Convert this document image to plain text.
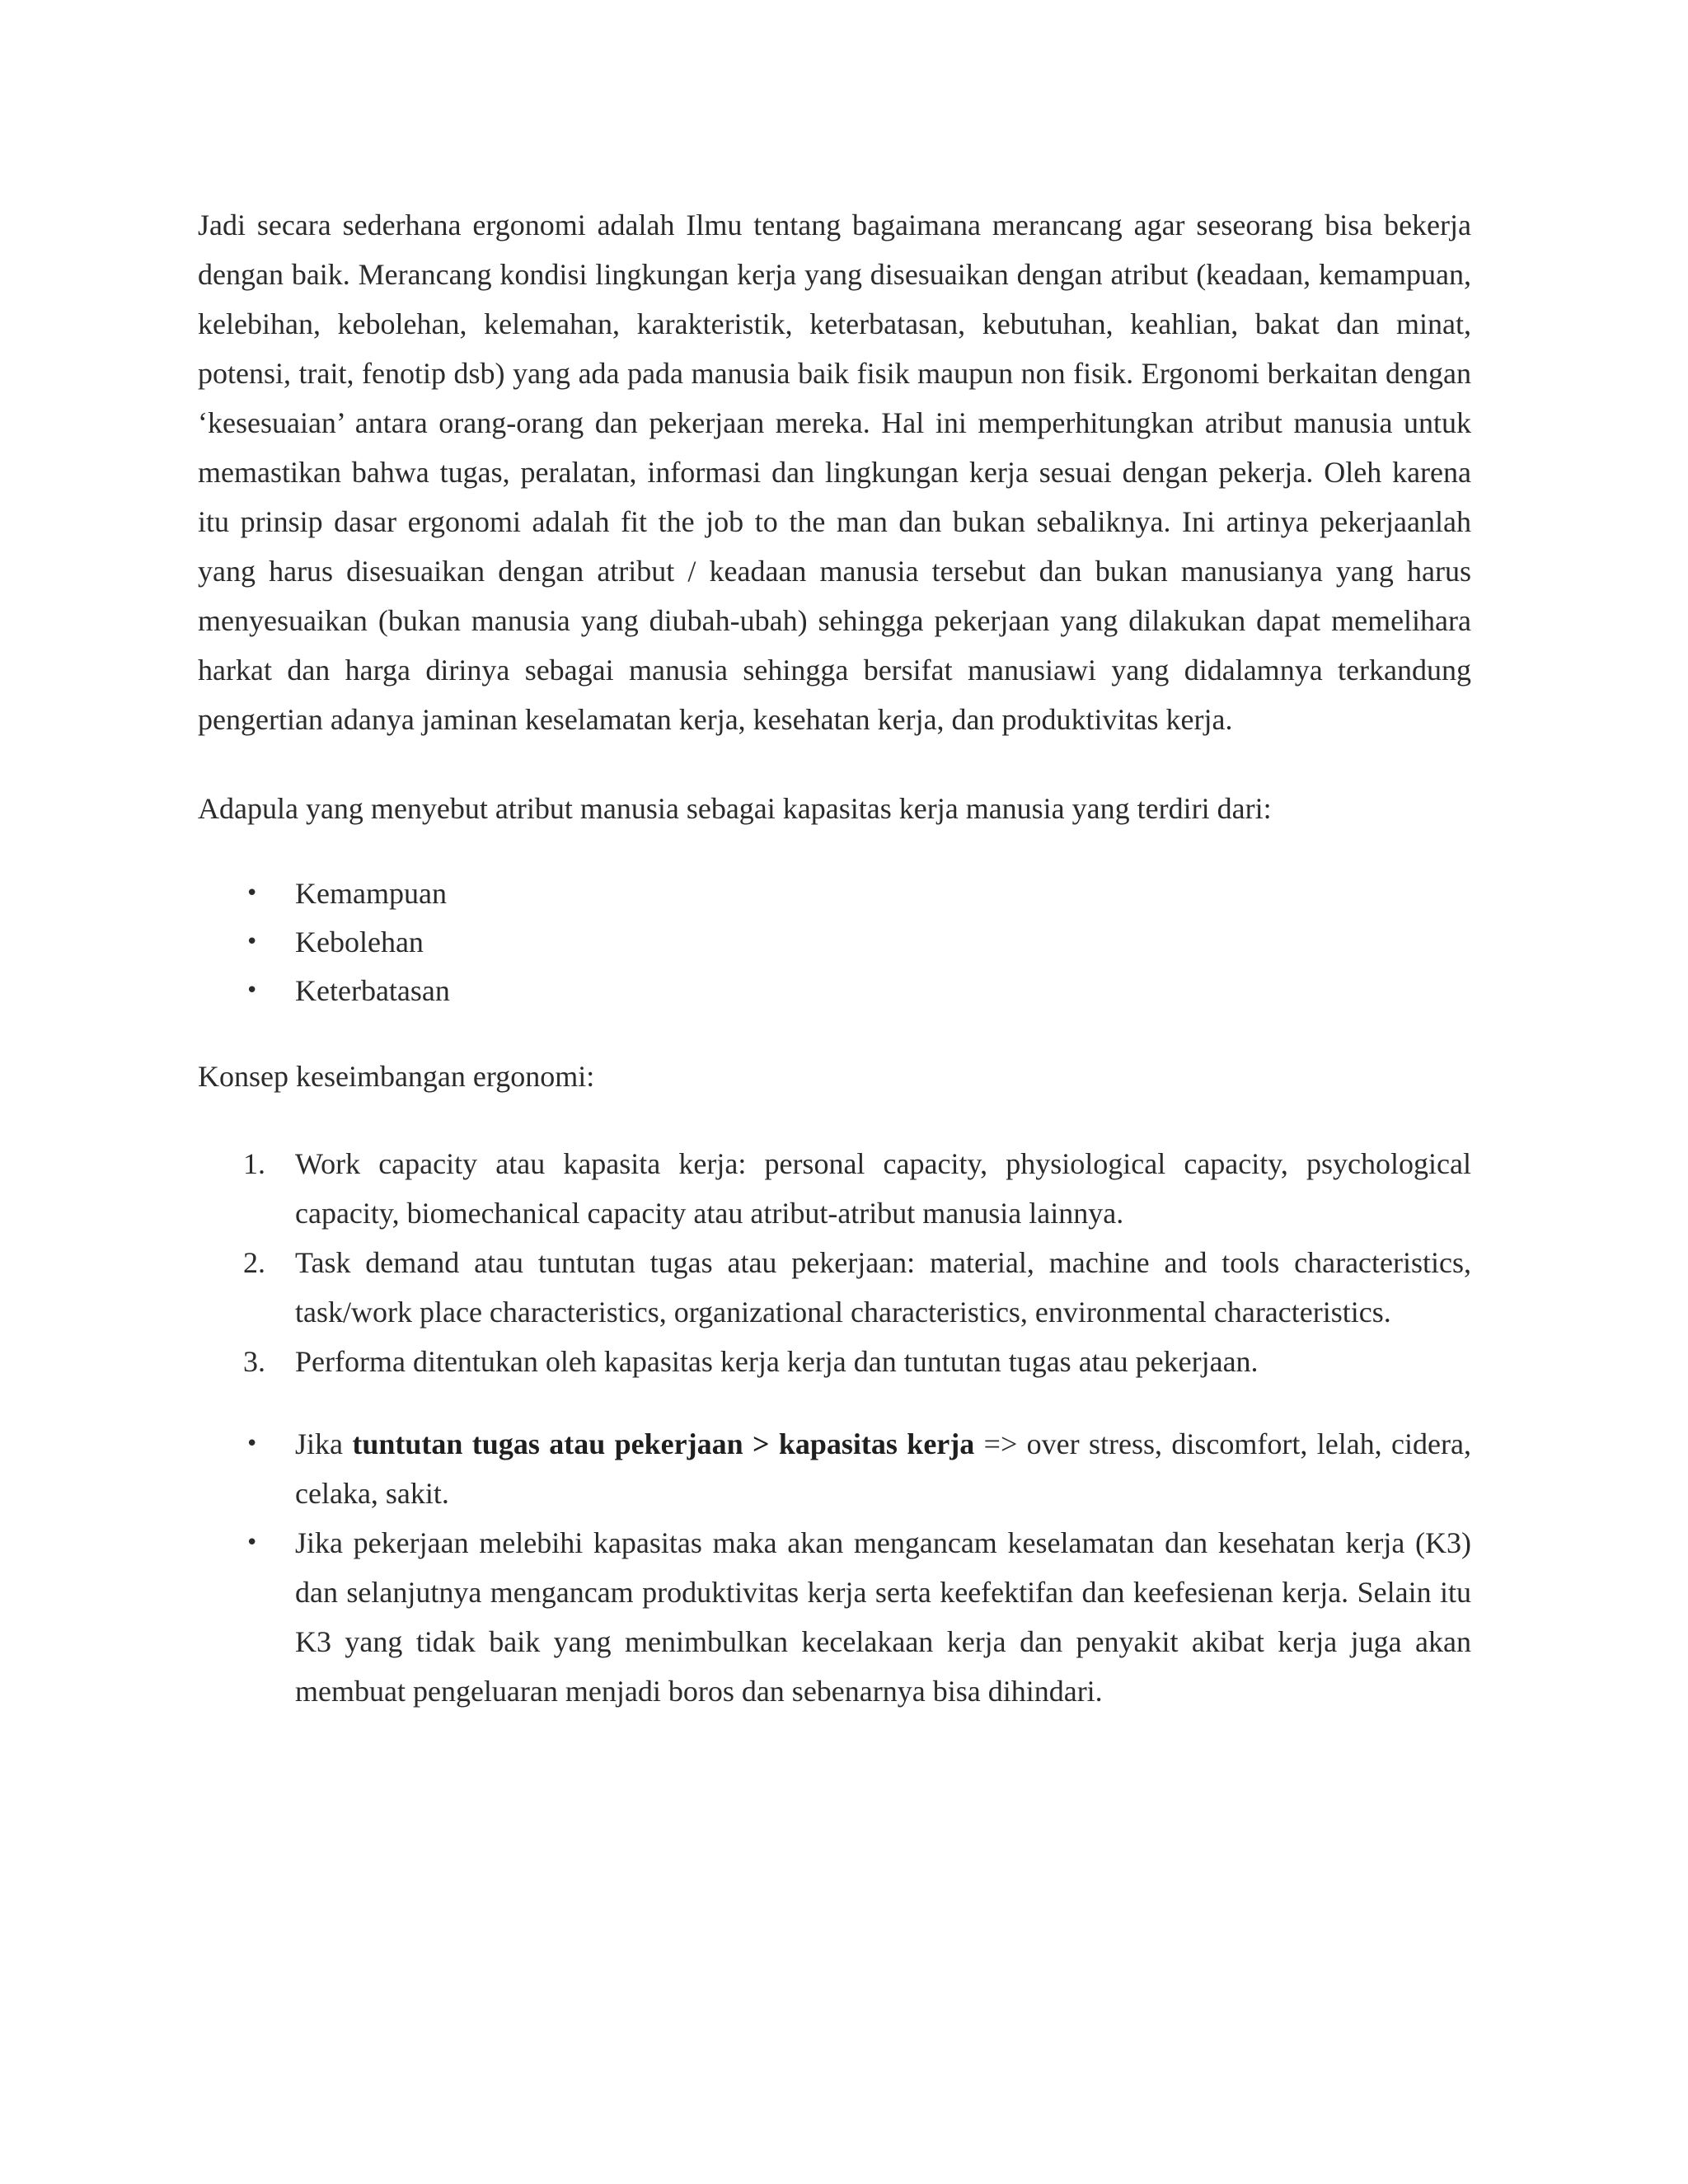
Jadi secara sederhana ergonomi adalah Ilmu tentang bagaimana merancang agar seseorang bisa bekerja dengan baik. Merancang kondisi lingkungan kerja yang disesuaikan dengan atribut (keadaan, kemampuan, kelebihan, kebolehan, kelemahan, karakteristik, keterbatasan, kebutuhan, keahlian, bakat dan minat, potensi, trait, fenotip dsb) yang ada pada manusia baik fisik maupun non fisik. Ergonomi berkaitan dengan ‘kesesuaian’ antara orang-orang dan pekerjaan mereka. Hal ini memperhitungkan atribut manusia untuk memastikan bahwa tugas, peralatan, informasi dan lingkungan kerja sesuai dengan pekerja. Oleh karena itu prinsip dasar ergonomi adalah fit the job to the man dan bukan sebaliknya. Ini artinya pekerjaanlah yang harus disesuaikan dengan atribut / keadaan manusia tersebut dan bukan manusianya yang harus menyesuaikan (bukan manusia yang diubah-ubah) sehingga pekerjaan yang dilakukan dapat memelihara harkat dan harga dirinya sebagai manusia sehingga bersifat manusiawi yang didalamnya terkandung pengertian adanya jaminan keselamatan kerja, kesehatan kerja, dan produktivitas kerja.

Adapula yang menyebut atribut manusia sebagai kapasitas kerja manusia yang terdiri dari:

• Kemampuan
• Kebolehan
• Keterbatasan

Konsep keseimbangan ergonomi:

1. Work capacity atau kapasita kerja: personal capacity, physiological capacity, psychological capacity, biomechanical capacity atau atribut-atribut manusia lainnya.
2. Task demand atau tuntutan tugas atau pekerjaan: material, machine and tools characteristics, task/work place characteristics, organizational characteristics, environmental characteristics.
3. Performa ditentukan oleh kapasitas kerja kerja dan tuntutan tugas atau pekerjaan.
• Jika tuntutan tugas atau pekerjaan > kapasitas kerja => over stress, discomfort, lelah, cidera, celaka, sakit.
• Jika pekerjaan melebihi kapasitas maka akan mengancam keselamatan dan kesehatan kerja (K3) dan selanjutnya mengancam produktivitas kerja serta keefektifan dan keefesienan kerja. Selain itu K3 yang tidak baik yang menimbulkan kecelakaan kerja dan penyakit akibat kerja juga akan membuat pengeluaran menjadi boros dan sebenarnya bisa dihindari.
